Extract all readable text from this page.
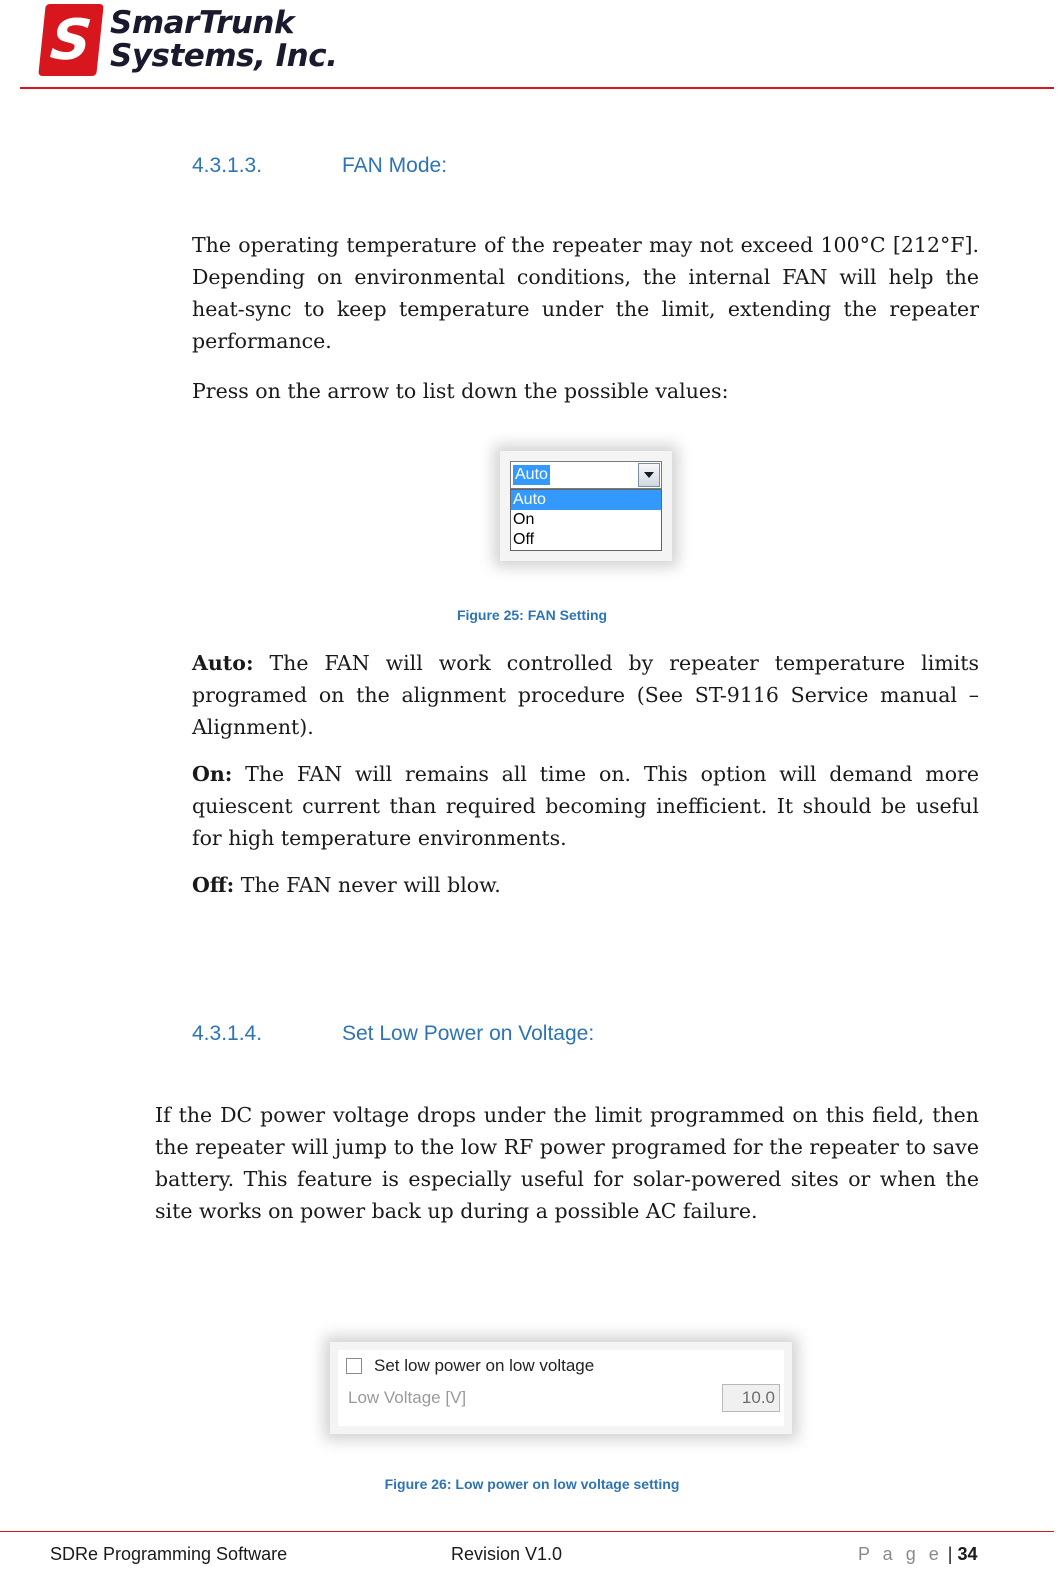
S SmarTrunk
Systems, Inc.
4.3.1.3.	FAN Mode:

The operating temperature of the repeater may not exceed 100°C [212°F]. Depending on environmental conditions, the internal FAN will help the heat-sync to keep temperature under the limit, extending the repeater performance.

Press on the arrow to list down the possible values:

Auto
Auto
On
Off
Figure 25: FAN Setting

Auto: The FAN will work controlled by repeater temperature limits programed on the alignment procedure (See ST-9116 Service manual – Alignment).

On: The FAN will remains all time on. This option will demand more quiescent current than required becoming inefficient. It should be useful for high temperature environments.

Off: The FAN never will blow.

4.3.1.4.	Set Low Power on Voltage:

If the DC power voltage drops under the limit programmed on this field, then the repeater will jump to the low RF power programed for the repeater to save battery. This feature is especially useful for solar-powered sites or when the site works on power back up during a possible AC failure.

Set low power on low voltage
Low Voltage [V]	10.0
Figure 26: Low power on low voltage setting
SDRe Programming Software	Revision V1.0	P a g e | 34
